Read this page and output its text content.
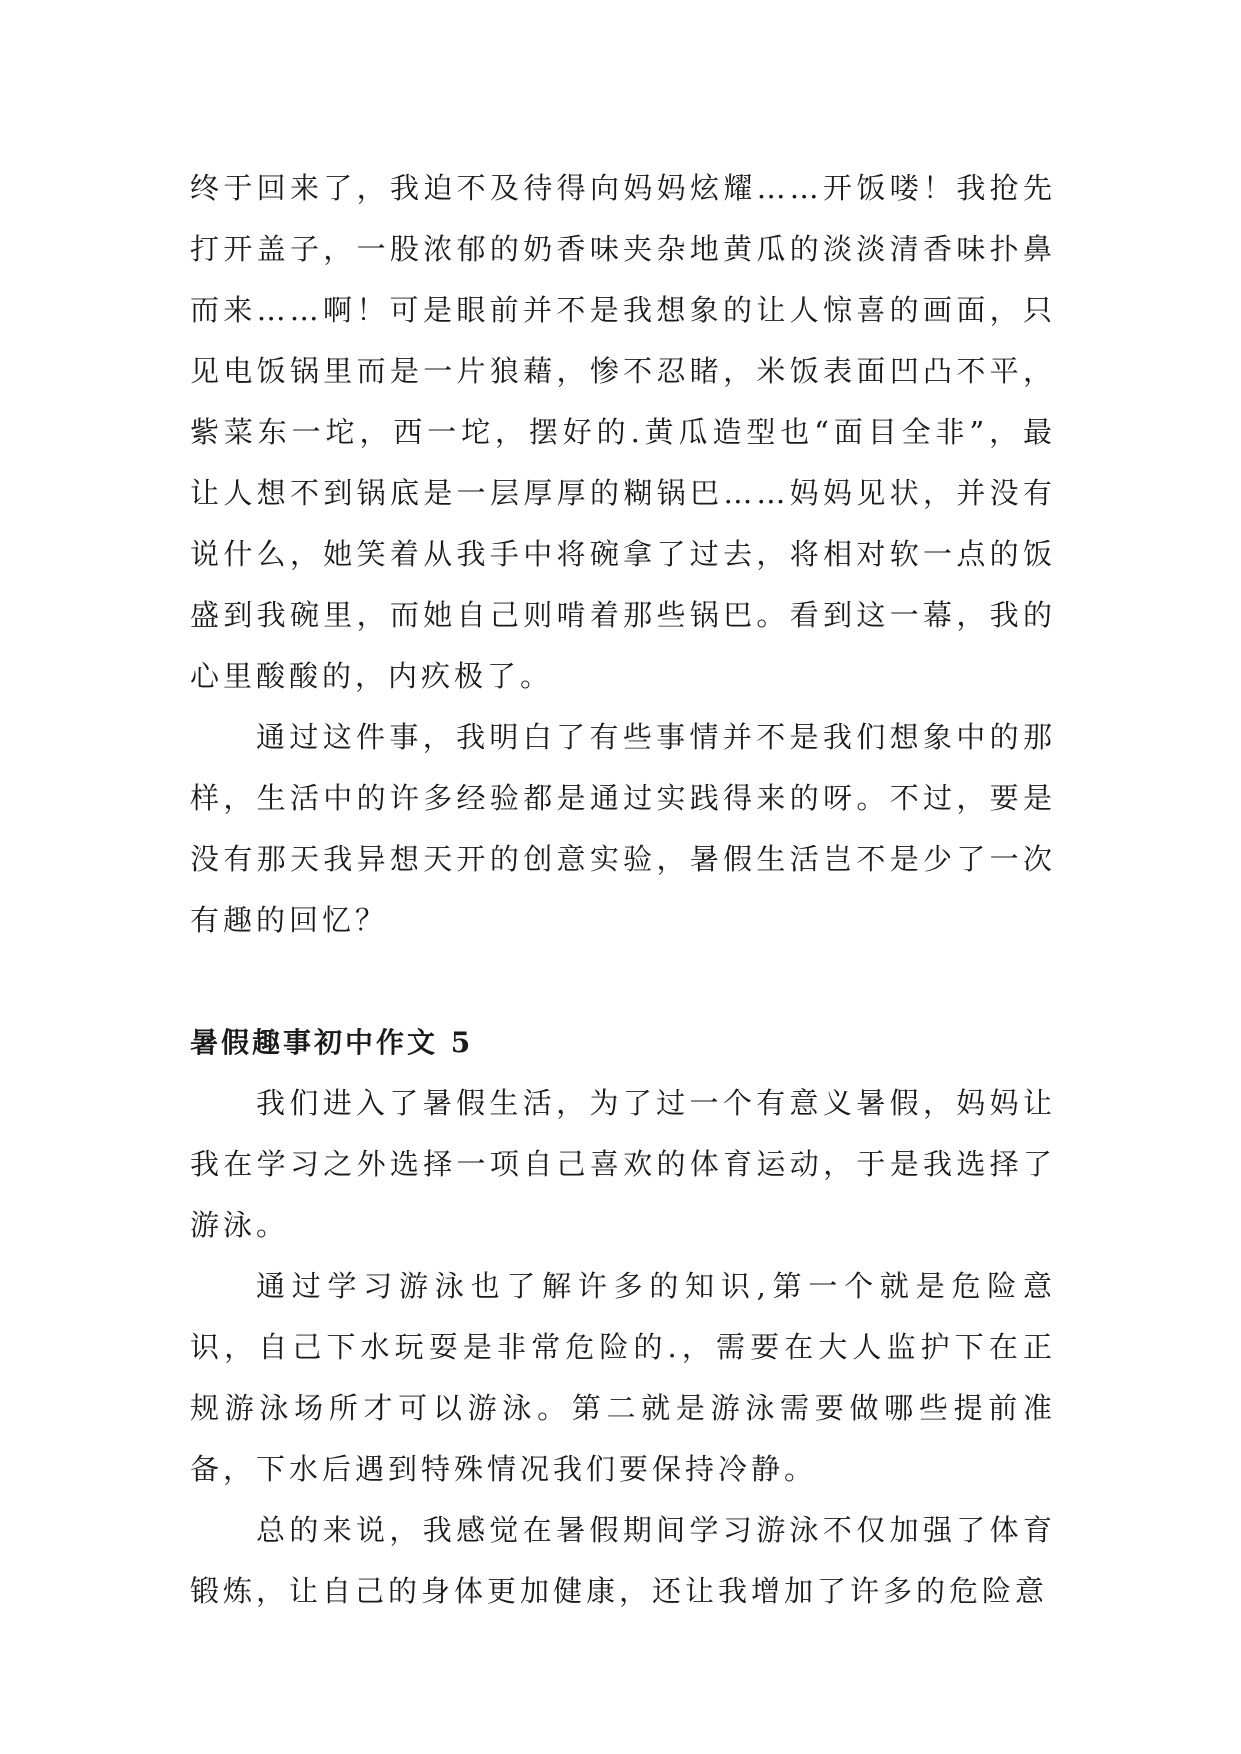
终于回来了，我迫不及待得向妈妈炫耀……开饭喽！我抢先打开盖子，一股浓郁的奶香味夹杂地黄瓜的淡淡清香味扑鼻而来……啊！可是眼前并不是我想象的让人惊喜的画面，只见电饭锅里而是一片狼藉，惨不忍睹，米饭表面凹凸不平，紫菜东一坨，西一坨，摆好的.黄瓜造型也“面目全非”，最让人想不到锅底是一层厚厚的糊锅巴……妈妈见状，并没有说什么，她笑着从我手中将碗拿了过去，将相对软一点的饭盛到我碗里，而她自己则啃着那些锅巴。看到这一幕，我的心里酸酸的，内疚极了。

通过这件事，我明白了有些事情并不是我们想象中的那样，生活中的许多经验都是通过实践得来的呀。不过，要是没有那天我异想天开的创意实验，暑假生活岂不是少了一次有趣的回忆？

暑假趣事初中作文 5

我们进入了暑假生活，为了过一个有意义暑假，妈妈让我在学习之外选择一项自己喜欢的体育运动，于是我选择了游泳。

通过学习游泳也了解许多的知识,第一个就是危险意识，自己下水玩耍是非常危险的.，需要在大人监护下在正规游泳场所才可以游泳。第二就是游泳需要做哪些提前准备，下水后遇到特殊情况我们要保持冷静。

总的来说，我感觉在暑假期间学习游泳不仅加强了体育锻炼，让自己的身体更加健康，还让我增加了许多的危险意
